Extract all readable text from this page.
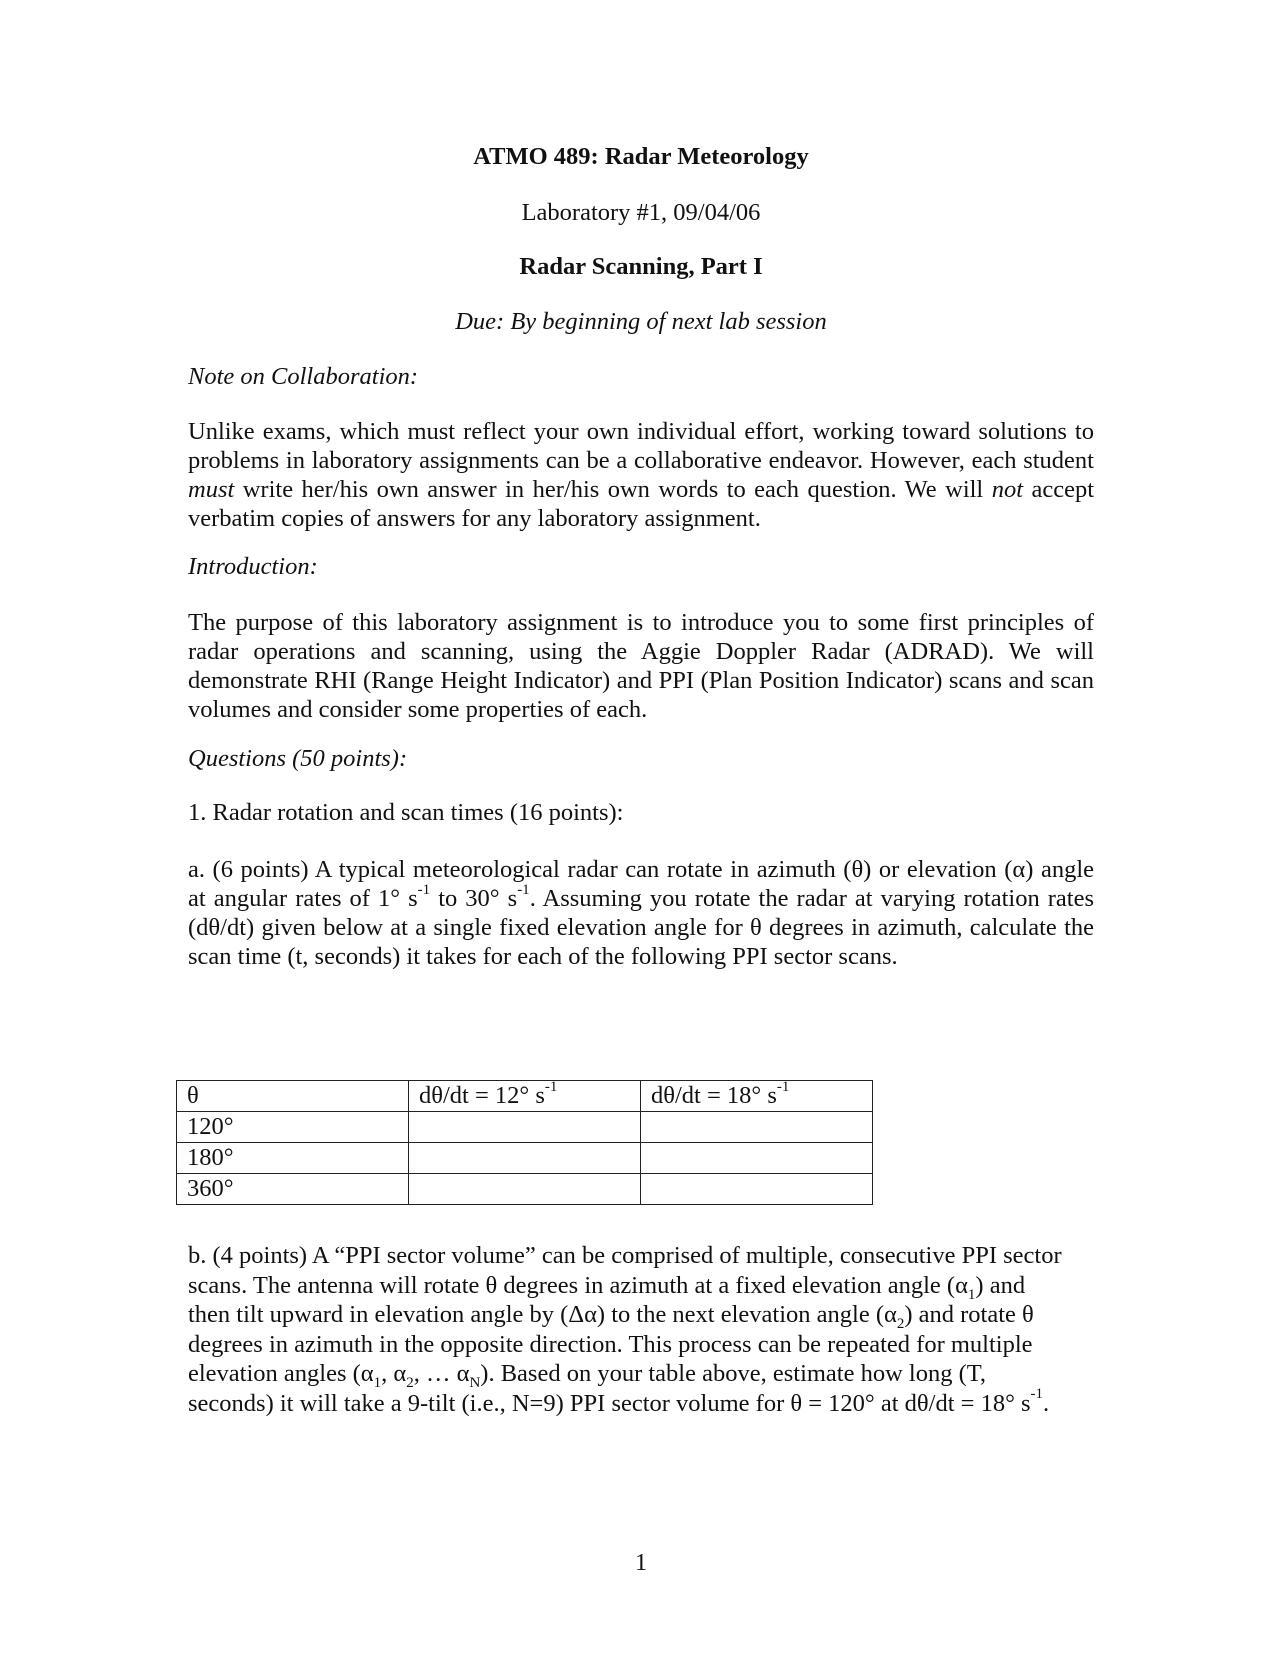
ATMO 489: Radar Meteorology
Laboratory #1, 09/04/06
Radar Scanning, Part I
Due: By beginning of next lab session
Note on Collaboration:
Unlike exams, which must reflect your own individual effort, working toward solutions to problems in laboratory assignments can be a collaborative endeavor. However, each student must write her/his own answer in her/his own words to each question. We will not accept verbatim copies of answers for any laboratory assignment.
Introduction:
The purpose of this laboratory assignment is to introduce you to some first principles of radar operations and scanning, using the Aggie Doppler Radar (ADRAD). We will demonstrate RHI (Range Height Indicator) and PPI (Plan Position Indicator) scans and scan volumes and consider some properties of each.
Questions (50 points):
1. Radar rotation and scan times (16 points):
a. (6 points) A typical meteorological radar can rotate in azimuth (θ) or elevation (α) angle at angular rates of 1° $s^{-1}$ to 30° $s^{-1}$. Assuming you rotate the radar at varying rotation rates (dθ/dt) given below at a single fixed elevation angle for θ degrees in azimuth, calculate the scan time (t, seconds) it takes for each of the following PPI sector scans.
θ	dθ/dt = 12° $s^{-1}$	dθ/dt = 18° $s^{-1}$
120°		
180°		
360°		
b. (4 points) A “PPI sector volume” can be comprised of multiple, consecutive PPI sector
scans. The antenna will rotate θ degrees in azimuth at a fixed elevation angle $(\alpha_1)$ and
then tilt upward in elevation angle by (Δα) to the next elevation angle $(\alpha_2)$ and rotate θ
degrees in azimuth in the opposite direction. This process can be repeated for multiple
elevation angles ($\alpha_1$, $\alpha_2$, … $\alpha_N$). Based on your table above, estimate how long (T,
seconds) it will take a 9-tilt (i.e., N=9) PPI sector volume for θ = 120° at dθ/dt = 18° $s^{-1}$.
1
